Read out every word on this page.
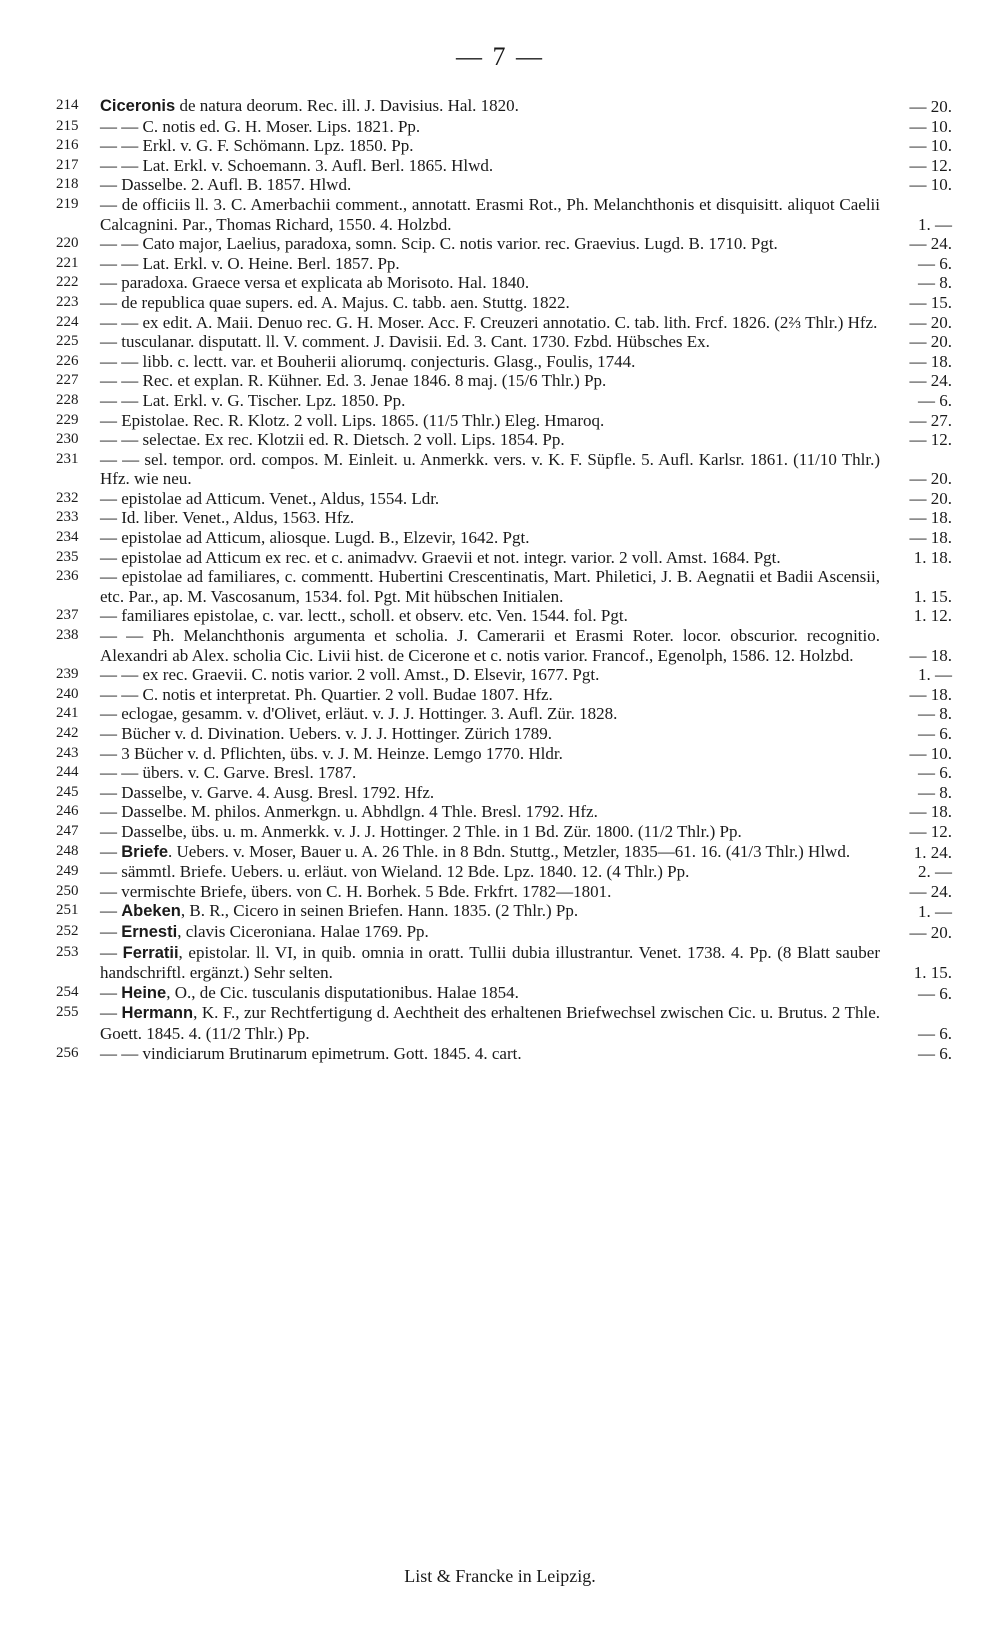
— 7 —
214	Ciceronis de natura deorum. Rec. ill. J. Davisius. Hal. 1820.	— 20.
215	— — C. notis ed. G. H. Moser. Lips. 1821. Pp.	— 10.
216	— — Erkl. v. G. F. Schömann. Lpz. 1850. Pp.	— 10.
217	— — Lat. Erkl. v. Schoemann. 3. Aufl. Berl. 1865. Hlwd.	— 12.
218	— Dasselbe. 2. Aufl. B. 1857. Hlwd.	— 10.
219	— de officiis ll. 3. C. Amerbachii comment., annotatt. Erasmi Rot., Ph. Melanchthonis et disquisitt. aliquot Caelii Calcagnini. Par., Thomas Richard, 1550. 4. Holzbd.	1. —
220	— — Cato major, Laelius, paradoxa, somn. Scip. C. notis varior. rec. Graevius. Lugd. B. 1710. Pgt.	— 24.
221	— — Lat. Erkl. v. O. Heine. Berl. 1857. Pp.	— 6.
222	— paradoxa. Graece versa et explicata ab Morisoto. Hal. 1840.	— 8.
223	— de republica quae supers. ed. A. Majus. C. tabb. aen. Stuttg. 1822.	— 15.
224	— — ex edit. A. Maii. Denuo rec. G. H. Moser. Acc. F. Creuzeri annotatio. C. tab. lith. Frcf. 1826. (2⅔ Thlr.) Hfz.	— 20.
225	— tusculanar. disputatt. ll. V. comment. J. Davisii. Ed. 3. Cant. 1730. Fzbd. Hübsches Ex.	— 20.
226	— — libb. c. lectt. var. et Bouherii aliorumq. conjecturis. Glasg., Foulis, 1744.	— 18.
227	— — Rec. et explan. R. Kühner. Ed. 3. Jenae 1846. 8 maj. (15/6 Thlr.) Pp.	— 24.
228	— — Lat. Erkl. v. G. Tischer. Lpz. 1850. Pp.	— 6.
229	— Epistolae. Rec. R. Klotz. 2 voll. Lips. 1865. (11/5 Thlr.) Eleg. Hmaroq.	— 27.
230	— — selectae. Ex rec. Klotzii ed. R. Dietsch. 2 voll. Lips. 1854. Pp.	— 12.
231	— — sel. tempor. ord. compos. M. Einleit. u. Anmerkk. vers. v. K. F. Süpfle. 5. Aufl. Karlsr. 1861. (11/10 Thlr.) Hfz. wie neu.	— 20.
232	— epistolae ad Atticum. Venet., Aldus, 1554. Ldr.	— 20.
233	— Id. liber. Venet., Aldus, 1563. Hfz.	— 18.
234	— epistolae ad Atticum, aliosque. Lugd. B., Elzevir, 1642. Pgt.	— 18.
235	— epistolae ad Atticum ex rec. et c. animadvv. Graevii et not. integr. varior. 2 voll. Amst. 1684. Pgt.	1. 18.
236	— epistolae ad familiares, c. commentt. Hubertini Crescentinatis, Mart. Philetici, J. B. Aegnatii et Badii Ascensii, etc. Par., ap. M. Vascosanum, 1534. fol. Pgt. Mit hübschen Initialen.	1. 15.
237	— familiares epistolae, c. var. lectt., scholl. et observ. etc. Ven. 1544. fol. Pgt.	1. 12.
238	— — Ph. Melanchthonis argumenta et scholia. J. Camerarii et Erasmi Roter. locor. obscurior. recognitio. Alexandri ab Alex. scholia Cic. Livii hist. de Cicerone et c. notis varior. Francof., Egenolph, 1586. 12. Holzbd.	— 18.
239	— — ex rec. Graevii. C. notis varior. 2 voll. Amst., D. Elsevir, 1677. Pgt.	1. —
240	— — C. notis et interpretat. Ph. Quartier. 2 voll. Budae 1807. Hfz.	— 18.
241	— eclogae, gesamm. v. d'Olivet, erläut. v. J. J. Hottinger. 3. Aufl. Zür. 1828.	— 8.
242	— Bücher v. d. Divination. Uebers. v. J. J. Hottinger. Zürich 1789.	— 6.
243	— 3 Bücher v. d. Pflichten, übs. v. J. M. Heinze. Lemgo 1770. Hldr.	— 10.
244	— — übers. v. C. Garve. Bresl. 1787.	— 6.
245	— Dasselbe, v. Garve. 4. Ausg. Bresl. 1792. Hfz.	— 8.
246	— Dasselbe. M. philos. Anmerkgn. u. Abhdlgn. 4 Thle. Bresl. 1792. Hfz.	— 18.
247	— Dasselbe, übs. u. m. Anmerkk. v. J. J. Hottinger. 2 Thle. in 1 Bd. Zür. 1800. (11/2 Thlr.) Pp.	— 12.
248	— Briefe. Uebers. v. Moser, Bauer u. A. 26 Thle. in 8 Bdn. Stuttg., Metzler, 1835—61. 16. (41/3 Thlr.) Hlwd.	1. 24.
249	— sämmtl. Briefe. Uebers. u. erläut. von Wieland. 12 Bde. Lpz. 1840. 12. (4 Thlr.) Pp.	2. —
250	— vermischte Briefe, übers. von C. H. Borhek. 5 Bde. Frkfrt. 1782—1801.	— 24.
251	— Abeken, B. R., Cicero in seinen Briefen. Hann. 1835. (2 Thlr.) Pp.	1. —
252	— Ernesti, clavis Ciceroniana. Halae 1769. Pp.	— 20.
253	— Ferratii, epistolar. ll. VI, in quib. omnia in oratt. Tullii dubia illustrantur. Venet. 1738. 4. Pp. (8 Blatt sauber handschriftl. ergänzt.) Sehr selten.	1. 15.
254	— Heine, O., de Cic. tusculanis disputationibus. Halae 1854.	— 6.
255	— Hermann, K. F., zur Rechtfertigung d. Aechtheit des erhaltenen Briefwechsel zwischen Cic. u. Brutus. 2 Thle. Goett. 1845. 4. (11/2 Thlr.) Pp.	— 6.
256	— — vindiciarum Brutinarum epimetrum. Gott. 1845. 4. cart.	— 6.
List & Francke in Leipzig.
